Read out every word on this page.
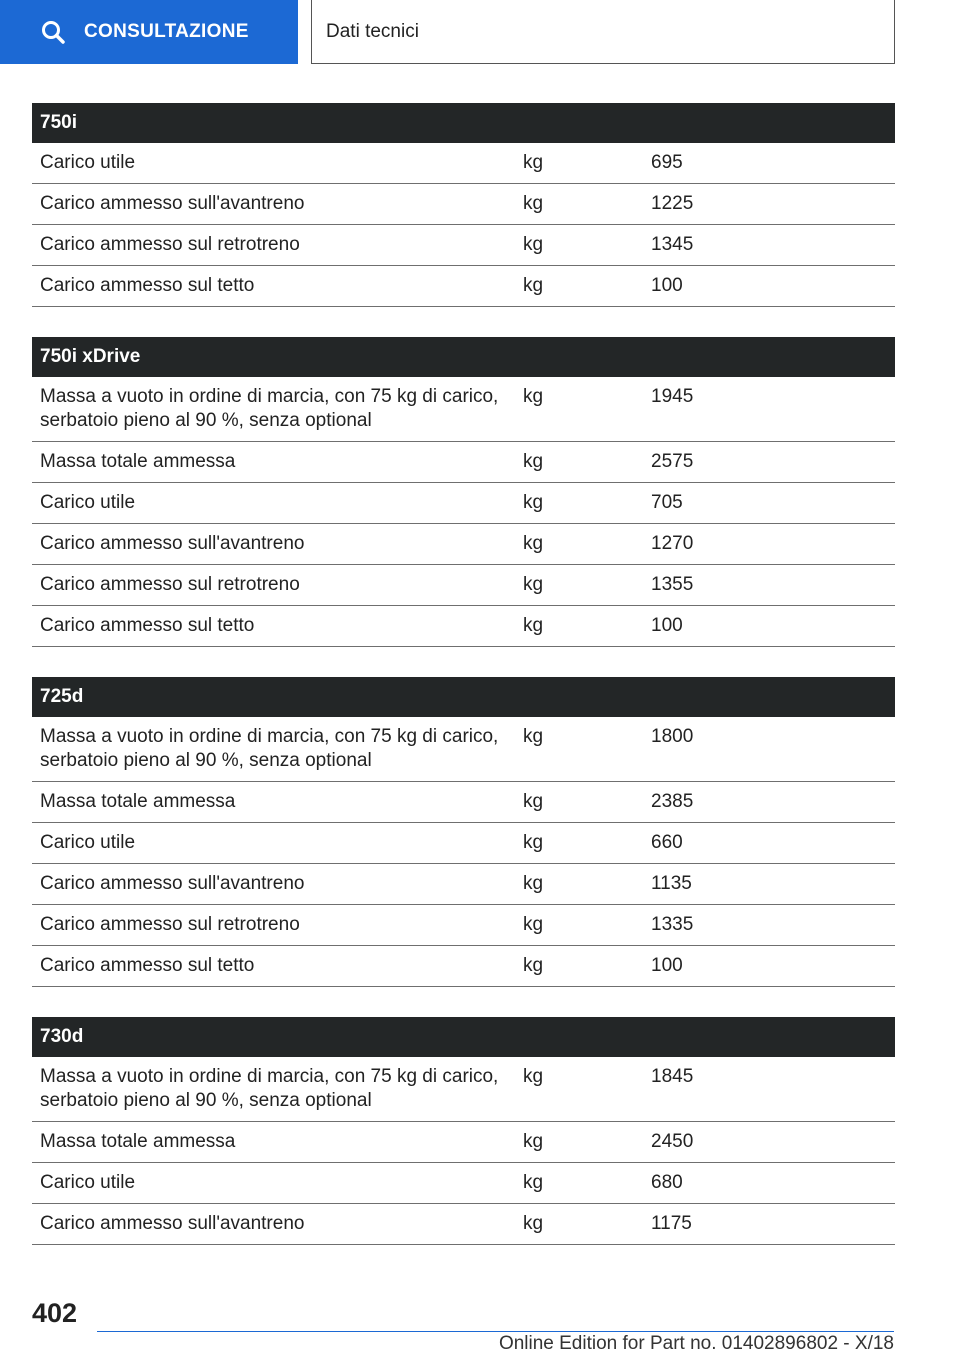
CONSULTAZIONE	Dati tecnici
750i		
Carico utile	kg	695
Carico ammesso sull'avantreno	kg	1225
Carico ammesso sul retrotreno	kg	1345
Carico ammesso sul tetto	kg	100
750i xDrive		
Massa a vuoto in ordine di marcia, con 75 kg di carico, serbatoio pieno al 90 %, senza optional	kg	1945
Massa totale ammessa	kg	2575
Carico utile	kg	705
Carico ammesso sull'avantreno	kg	1270
Carico ammesso sul retrotreno	kg	1355
Carico ammesso sul tetto	kg	100
725d		
Massa a vuoto in ordine di marcia, con 75 kg di carico, serbatoio pieno al 90 %, senza optional	kg	1800
Massa totale ammessa	kg	2385
Carico utile	kg	660
Carico ammesso sull'avantreno	kg	1135
Carico ammesso sul retrotreno	kg	1335
Carico ammesso sul tetto	kg	100
730d		
Massa a vuoto in ordine di marcia, con 75 kg di carico, serbatoio pieno al 90 %, senza optional	kg	1845
Massa totale ammessa	kg	2450
Carico utile	kg	680
Carico ammesso sull'avantreno	kg	1175
402
Online Edition for Part no. 01402896802 - X/18
